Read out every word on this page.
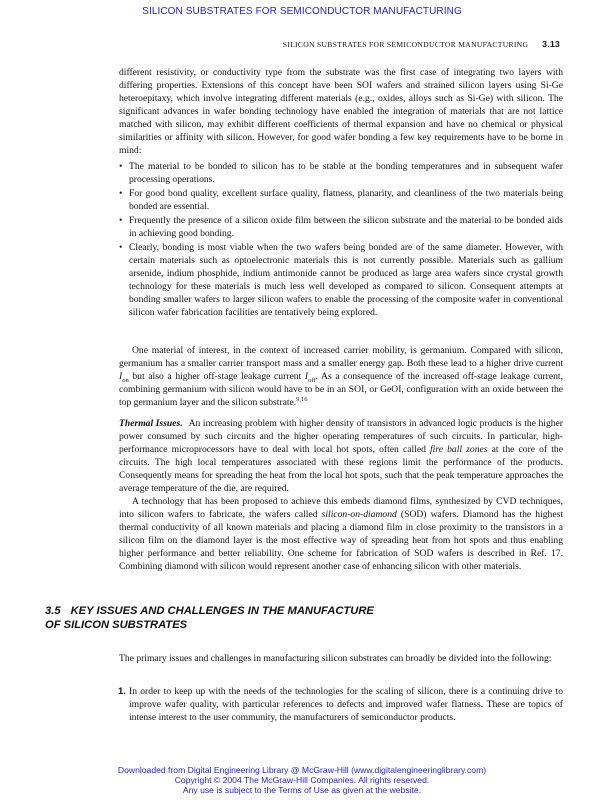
SILICON SUBSTRATES FOR SEMICONDUCTOR MANUFACTURING
SILICON SUBSTRATES FOR SEMICONDUCTOR MANUFACTURING 3.13
different resistivity, or conductivity type from the substrate was the first case of integrating two layers with differing properties. Extensions of this concept have been SOI wafers and strained silicon layers using Si-Ge heteroepitaxy, which involve integrating different materials (e.g., oxides, alloys such as Si-Ge) with silicon. The significant advances in wafer bonding technology have enabled the integration of materials that are not lattice matched with silicon, may exhibit different coefficients of thermal expansion and have no chemical or physical similarities or affinity with silicon. However, for good wafer bonding a few key requirements have to be borne in mind:
• The material to be bonded to silicon has to be stable at the bonding temperatures and in subsequent wafer processing operations.
• For good bond quality, excellent surface quality, flatness, planarity, and cleanliness of the two materials being bonded are essential.
• Frequently the presence of a silicon oxide film between the silicon substrate and the material to be bonded aids in achieving good bonding.
• Clearly, bonding is most viable when the two wafers being bonded are of the same diameter. However, with certain materials such as optoelectronic materials this is not currently possible. Materials such as gallium arsenide, indium phosphide, indium antimonide cannot be produced as large area wafers since crystal growth technology for these materials is much less well developed as compared to silicon. Consequent attempts at bonding smaller wafers to larger silicon wafers to enable the processing of the composite wafer in conventional silicon wafer fabrication facilities are tentatively being explored.
One material of interest, in the context of increased carrier mobility, is germanium. Compared with silicon, germanium has a smaller carrier transport mass and a smaller energy gap. Both these lead to a higher drive current $I_{on}$ but also a higher off-stage leakage current $I_{off}$. As a consequence of the increased off-stage leakage current, combining germanium with silicon would have to be in an SOI, or GeOI, configuration with an oxide between the top germanium layer and the silicon substrate.$^{9,16}$

Thermal Issues. An increasing problem with higher density of transistors in advanced logic products is the higher power consumed by such circuits and the higher operating temperatures of such circuits. In particular, high-performance microprocessors have to deal with local hot spots, often called fire ball zones at the core of the circuits. The high local temperatures associated with these regions limit the performance of the products. Consequently means for spreading the heat from the local hot spots, such that the peak temperature approaches the average temperature of the die, are required.

A technology that has been proposed to achieve this embeds diamond films, synthesized by CVD techniques, into silicon wafers to fabricate, the wafers called silicon-on-diamond (SOD) wafers. Diamond has the highest thermal conductivity of all known materials and placing a diamond film in close proximity to the transistors in a silicon film on the diamond layer is the most effective way of spreading heat from hot spots and thus enabling higher performance and better reliability. One scheme for fabrication of SOD wafers is described in Ref. 17. Combining diamond with silicon would represent another case of enhancing silicon with other materials.

3.5 KEY ISSUES AND CHALLENGES IN THE MANUFACTURE
OF SILICON SUBSTRATES
The primary issues and challenges in manufacturing silicon substrates can broadly be divided into the following:
1. In order to keep up with the needs of the technologies for the scaling of silicon, there is a continuing drive to improve wafer quality, with particular references to defects and improved wafer flatness. These are topics of intense interest to the user community, the manufacturers of semiconductor products.
Downloaded from Digital Engineering Library @ McGraw-Hill (www.digitalengineeringlibrary.com)
Copyright © 2004 The McGraw-Hill Companies. All rights reserved.
Any use is subject to the Terms of Use as given at the website.
